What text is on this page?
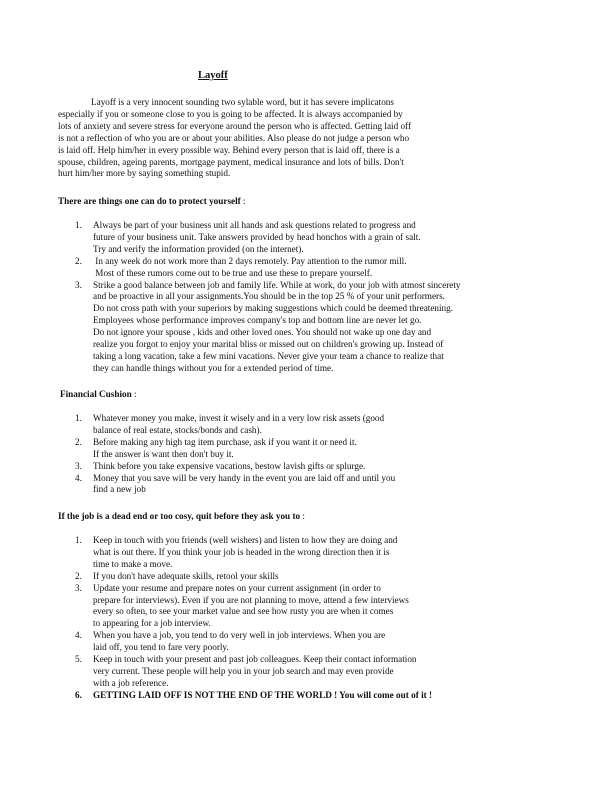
Layoff
Layoff is a very innocent sounding two sylable word, but it has severe implicatons
especially if you or someone close to you is going to be affected. It is always accompanied by
lots of anxiety and severe stress for everyone around the person who is affected. Getting laid off
is not a reflection of who you are or about your abilities. Also please do not judge a person who
is laid off. Help him/her in every possible way. Behind every person that is laid off, there is a
spouse, children, ageing parents, mortgage payment, medical insurance and lots of bills. Don't
hurt him/her more by saying something stupid.
There are things one can do to protect yourself :
1. Always be part of your business unit all hands and ask questions related to progress and
future of your business unit. Take answers provided by head honchos with a grain of salt.
Try and verify the information provided (on the internet).
2. In any week do not work more than 2 days remotely. Pay attention to the rumor mill.
Most of these rumors come out to be true and use these to prepare yourself.
3. Strike a good balance between job and family life. While at work, do your job with atmost sincerety
and be proactive in all your assignments.You should be in the top 25 % of your unit performers.
Do not cross path with your superiors by making suggestions which could be deemed threatening.
Employees whose performance improves company's top and bottom line are never let go.
Do not ignore your spouse , kids and other loved ones. You should not wake up one day and
realize you forgot to enjoy your marital bliss or missed out on children's growing up. Instead of
taking a long vacation, take a few mini vacations. Never give your team a chance to realize that
they can handle things without you for a extended period of time.
Financial Cushion :
1. Whatever money you make, invest it wisely and in a very low risk assets (good
balance of real estate, stocks/bonds and cash).
2. Before making any high tag item purchase, ask if you want it or need it.
If the answer is want then don't buy it.
3. Think before you take expensive vacations, bestow lavish gifts or splurge.
4. Money that you save will be very handy in the event you are laid off and until you
find a new job
If the job is a dead end or too cosy, quit before they ask you to :
1. Keep in touch with you friends (well wishers) and listen to how they are doing and
what is out there. If you think your job is headed in the wrong direction then it is
time to make a move.
2. If you don't have adequate skills, retool your skills
3. Update your resume and prepare notes on your current assignment (in order to
prepare for interviews). Even if you are not planning to move, attend a few interviews
every so often, to see your market value and see how rusty you are when it comes
to appearing for a job interview.
4. When you have a job, you tend to do very well in job interviews. When you are
laid off, you tend to fare very poorly.
5. Keep in touch with your present and past job colleagues. Keep their contact information
very current. These people will help you in your job search and may even provide
with a job reference.
6. GETTING LAID OFF IS NOT THE END OF THE WORLD ! You will come out of it !
